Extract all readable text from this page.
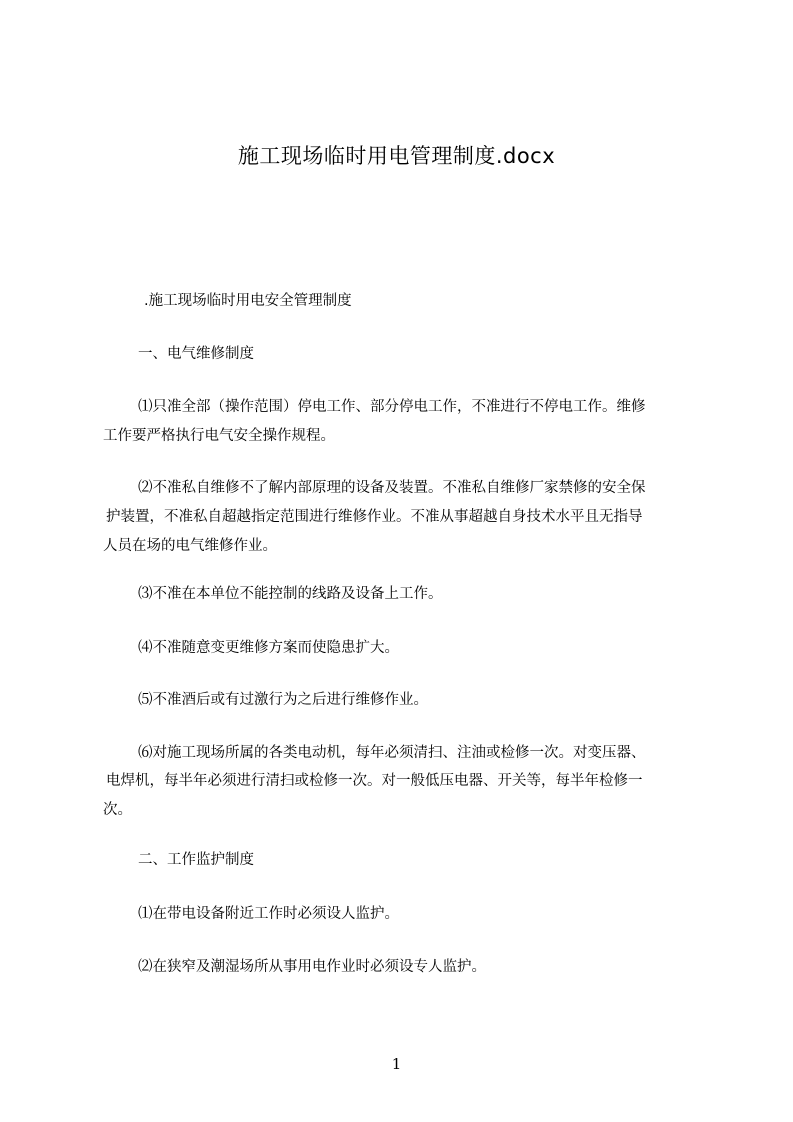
施工现场临时用电管理制度.docx
.施工现场临时用电安全管理制度
一、电气维修制度
⑴只准全部（操作范围）停电工作、部分停电工作，不准进行不停电工作。维修
工作要严格执行电气安全操作规程。
⑵不准私自维修不了解内部原理的设备及装置。不准私自维修厂家禁修的安全保
护装置，不准私自超越指定范围进行维修作业。不准从事超越自身技术水平且无指导
人员在场的电气维修作业。
⑶不准在本单位不能控制的线路及设备上工作。
⑷不准随意变更维修方案而使隐患扩大。
⑸不准酒后或有过激行为之后进行维修作业。
⑹对施工现场所属的各类电动机，每年必须清扫、注油或检修一次。对变压器、
电焊机，每半年必须进行清扫或检修一次。对一般低压电器、开关等，每半年检修一
次。
二、工作监护制度
⑴在带电设备附近工作时必须设人监护。
⑵在狭窄及潮湿场所从事用电作业时必须设专人监护。
1
